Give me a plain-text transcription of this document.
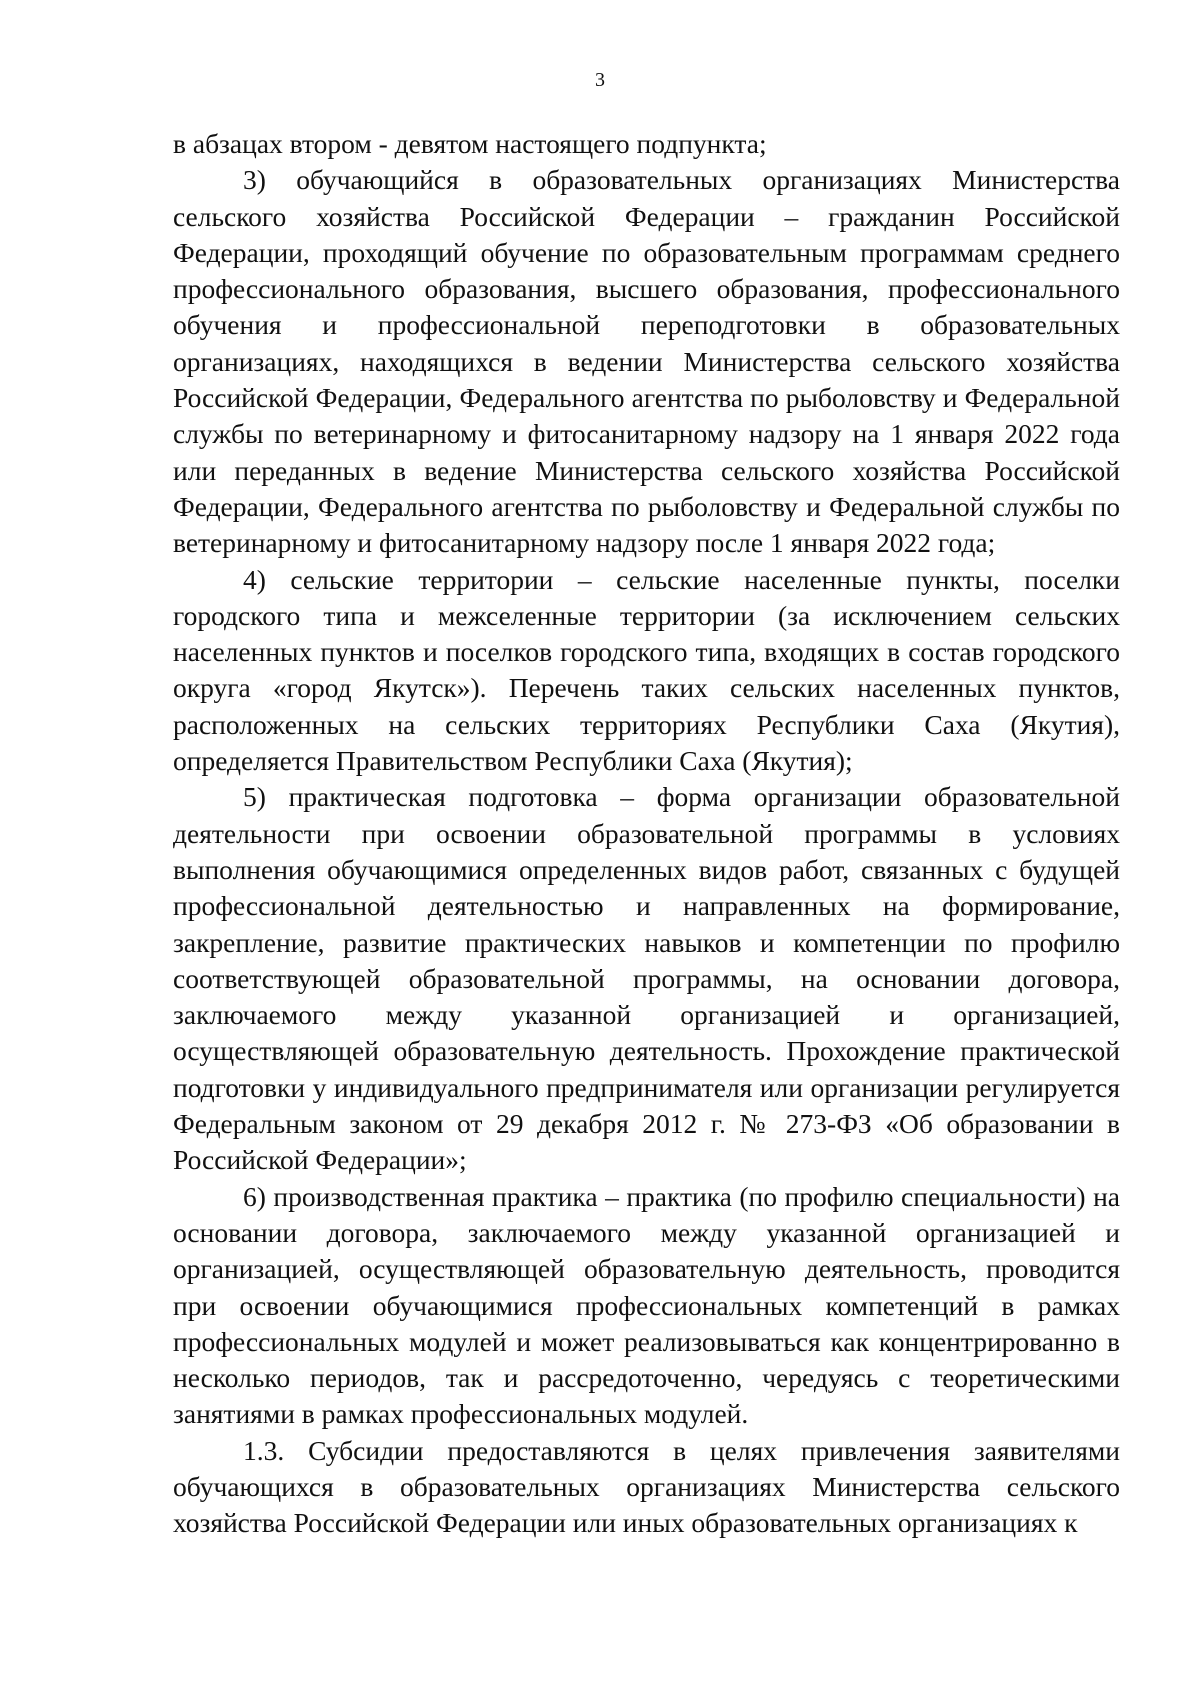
3

в абзацах втором - девятом настоящего подпункта;

3) обучающийся в образовательных организациях Министерства сельского хозяйства Российской Федерации – гражданин Российской Федерации, проходящий обучение по образовательным программам среднего профессионального образования, высшего образования, профессионального обучения и профессиональной переподготовки в образовательных организациях, находящихся в ведении Министерства сельского хозяйства Российской Федерации, Федерального агентства по рыболовству и Федеральной службы по ветеринарному и фитосанитарному надзору на 1 января 2022 года или переданных в ведение Министерства сельского хозяйства Российской Федерации, Федерального агентства по рыболовству и Федеральной службы по ветеринарному и фитосанитарному надзору после 1 января 2022 года;

4) сельские территории – сельские населенные пункты, поселки городского типа и межселенные территории (за исключением сельских населенных пунктов и поселков городского типа, входящих в состав городского округа «город Якутск»). Перечень таких сельских населенных пунктов, расположенных на сельских территориях Республики Саха (Якутия), определяется Правительством Республики Саха (Якутия);

5) практическая подготовка – форма организации образовательной деятельности при освоении образовательной программы в условиях выполнения обучающимися определенных видов работ, связанных с будущей профессиональной деятельностью и направленных на формирование, закрепление, развитие практических навыков и компетенции по профилю соответствующей образовательной программы, на основании договора, заключаемого между указанной организацией и организацией, осуществляющей образовательную деятельность. Прохождение практической подготовки у индивидуального предпринимателя или организации регулируется Федеральным законом от 29 декабря 2012 г. № 273-ФЗ «Об образовании в Российской Федерации»;

6) производственная практика – практика (по профилю специальности) на основании договора, заключаемого между указанной организацией и организацией, осуществляющей образовательную деятельность, проводится при освоении обучающимися профессиональных компетенций в рамках профессиональных модулей и может реализовываться как концентрированно в несколько периодов, так и рассредоточенно, чередуясь с теоретическими занятиями в рамках профессиональных модулей.

1.3. Субсидии предоставляются в целях привлечения заявителями обучающихся в образовательных организациях Министерства сельского хозяйства Российской Федерации или иных образовательных организациях к
